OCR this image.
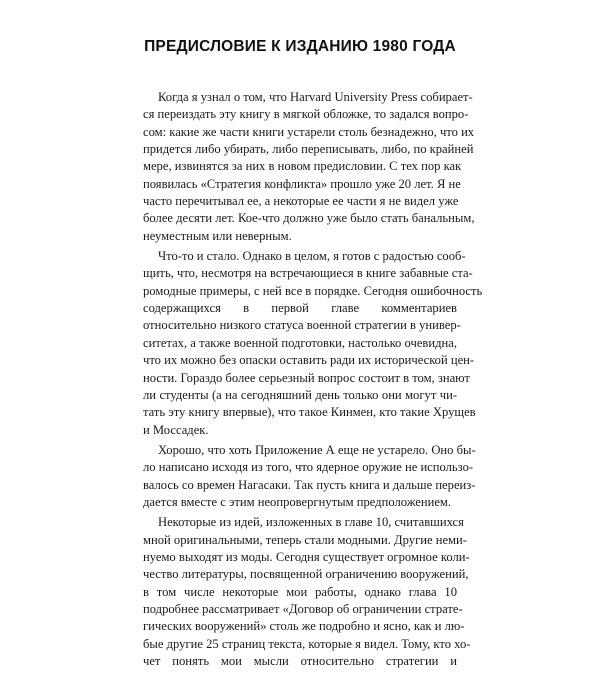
ПРЕДИСЛОВИЕ К ИЗДАНИЮ 1980 ГОДА
Когда я узнал о том, что Harvard University Press собирает-
ся переиздать эту книгу в мягкой обложке, то задался вопро-
сом: какие же части книги устарели столь безнадежно, что их
придется либо убирать, либо переписывать, либо, по крайней
мере, извинятся за них в новом предисловии. С тех пор как
появилась «Стратегия конфликта» прошло уже 20 лет. Я не
часто перечитывал ее, а некоторые ее части я не видел уже
более десяти лет. Кое-что должно уже было стать банальным,
неуместным или неверным.
Что-то и стало. Однако в целом, я готов с радостью сооб-
щить, что, несмотря на встречающиеся в книге забавные ста-
ромодные примеры, с ней все в порядке. Сегодня ошибочность
содержащихся в первой главе комментариев
относительно низкого статуса военной стратегии в универ-
ситетах, а также военной подготовки, настолько очевидна,
что их можно без опаски оставить ради их исторической цен-
ности. Гораздо более серьезный вопрос состоит в том, знают
ли студенты (а на сегодняшний день только они могут чи-
тать эту книгу впервые), что такое Кинмен, кто такие Хрущев
и Моссадек.
Хорошо, что хоть Приложение А еще не устарело. Оно бы-
ло написано исходя из того, что ядерное оружие не использо-
валось со времен Нагасаки. Так пусть книга и дальше переиз-
дается вместе с этим неопровергнутым предположением.
Некоторые из идей, изложенных в главе 10, считавшихся
мной оригинальными, теперь стали модными. Другие неми-
нуемо выходят из моды. Сегодня существует огромное коли-
чество литературы, посвященной ограничению вооружений,
в том числе некоторые мои работы, однако глава 10
подробнее рассматривает «Договор об ограничении страте-
гических вооружений» столь же подробно и ясно, как и лю-
бые другие 25 страниц текста, которые я видел. Тому, кто хо-
чет понять мои мысли относительно стратегии и
